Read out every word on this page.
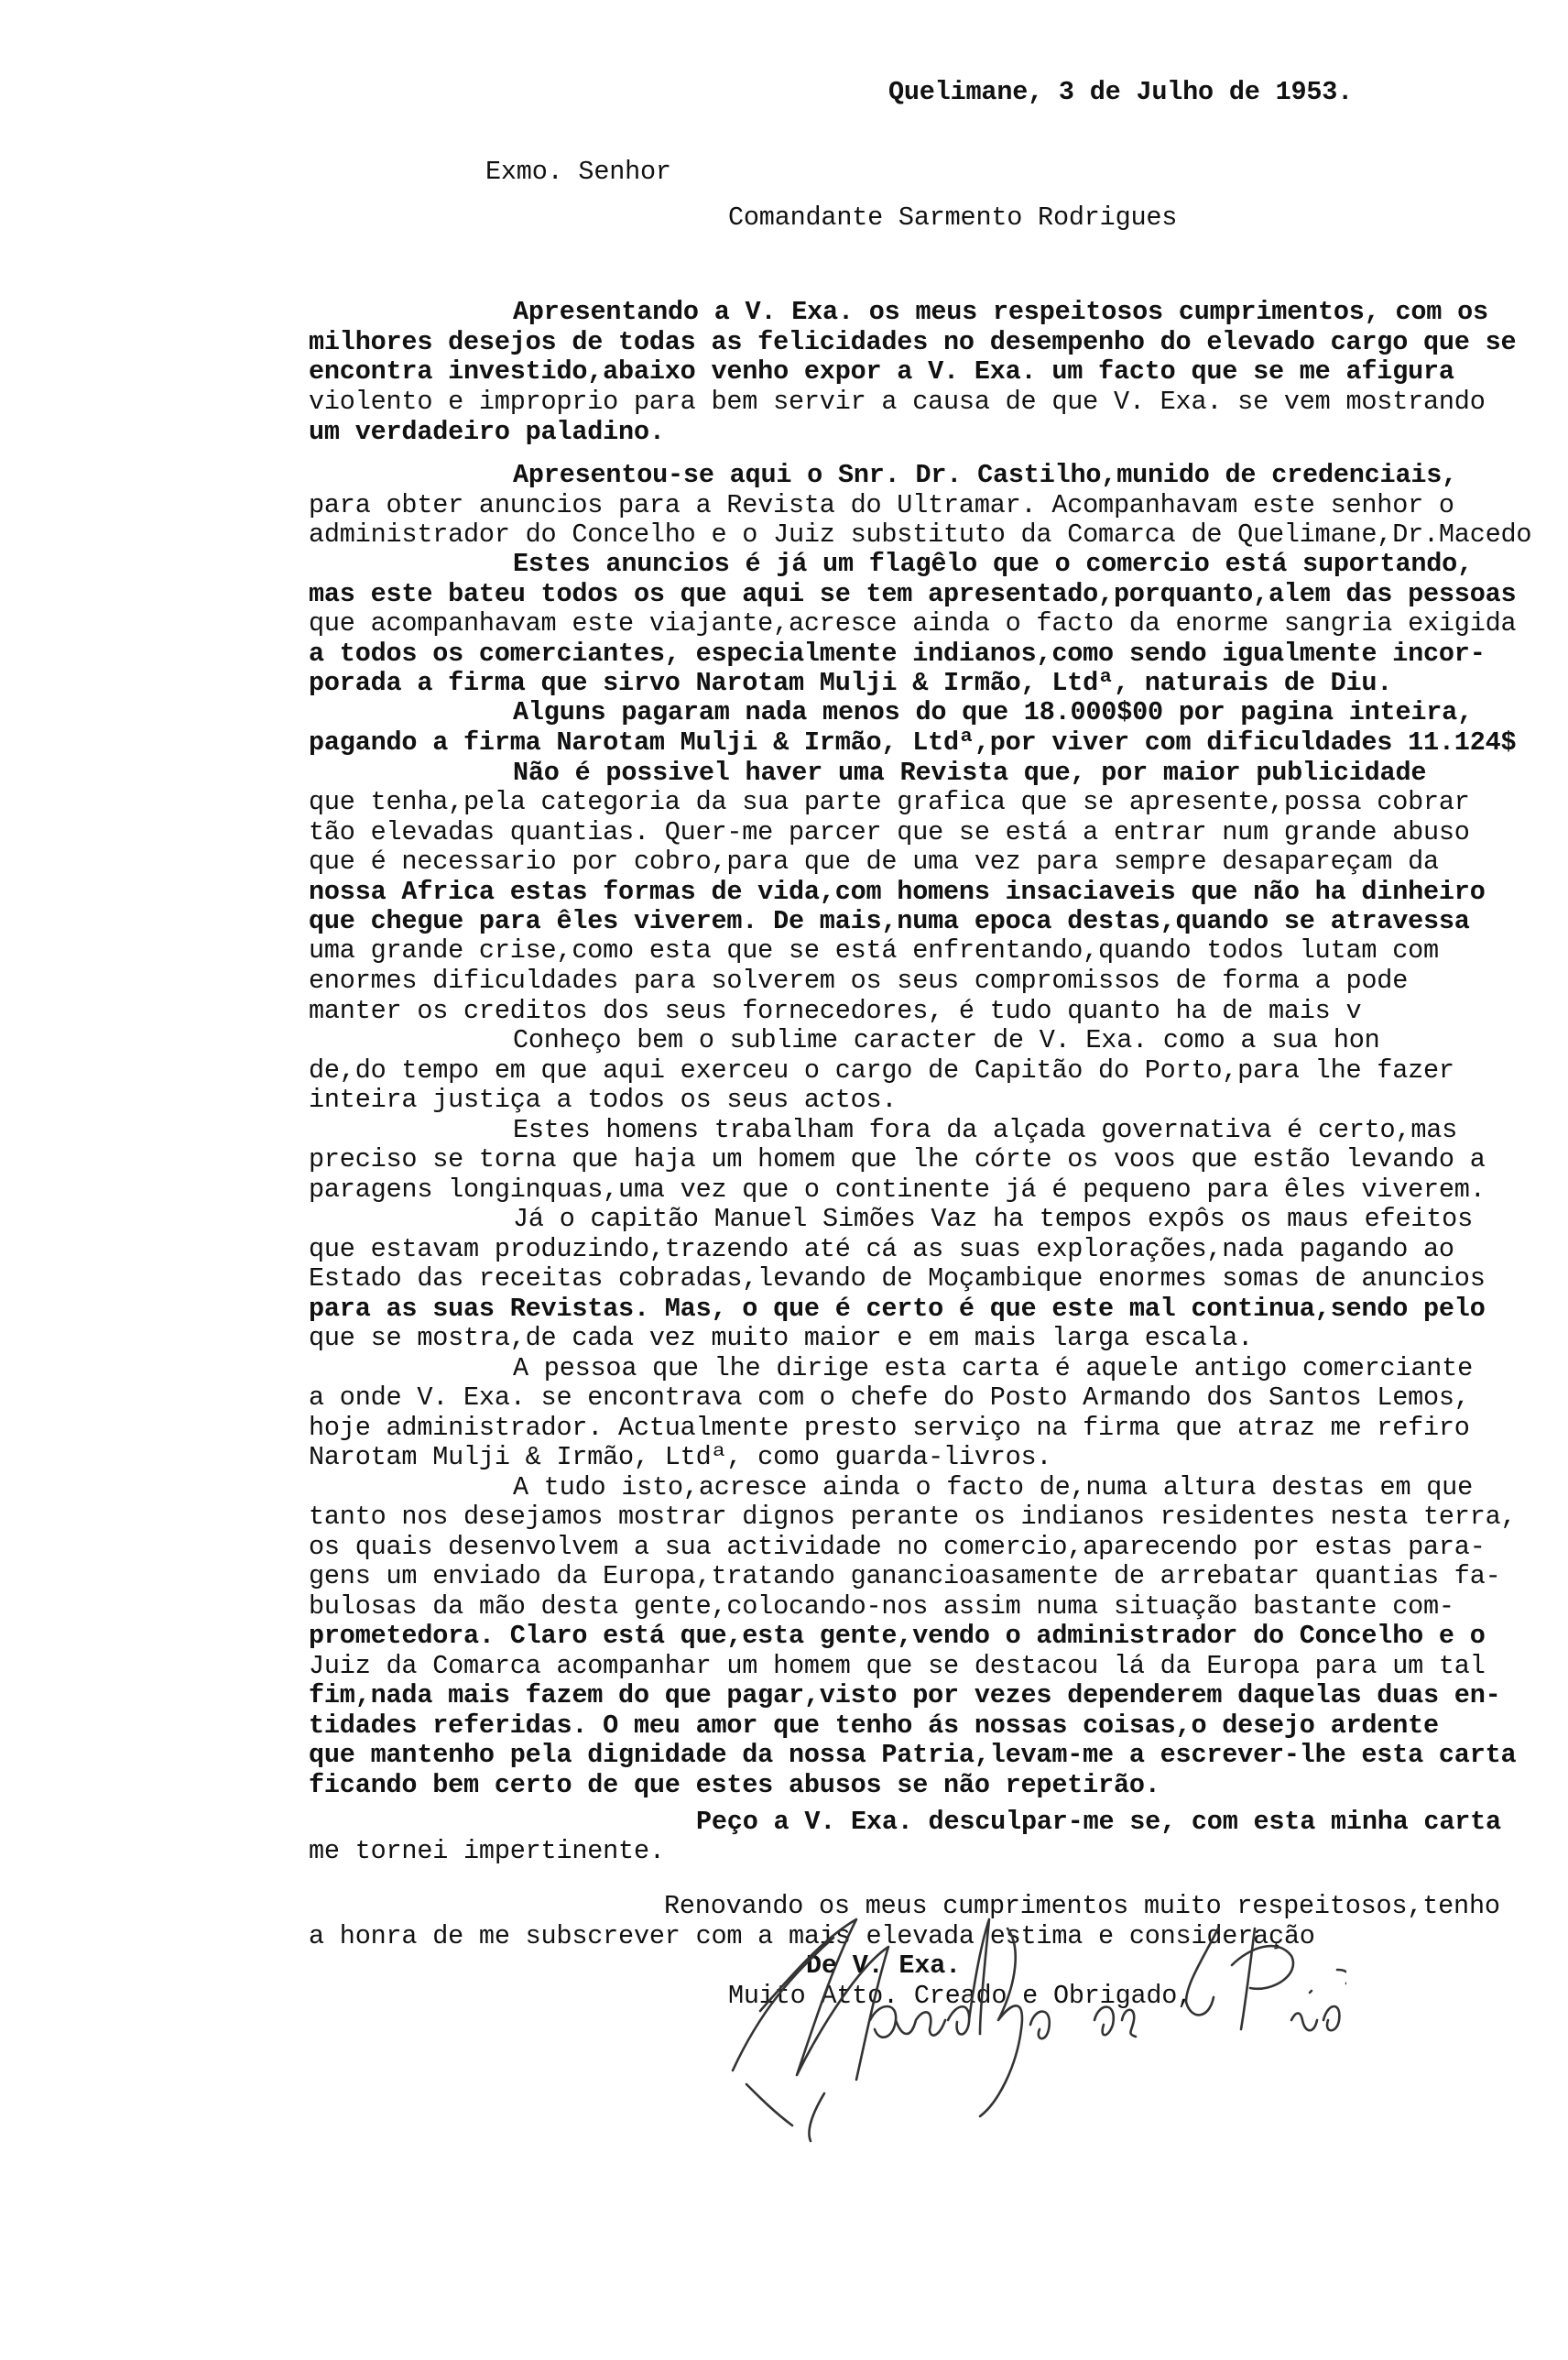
Quelimane, 3 de Julho de 1953.
Exmo. Senhor
Comandante Sarmento Rodrigues
Apresentando a V. Exa. os meus respeitosos cumprimentos, com os
milhores desejos de todas as felicidades no desempenho do elevado cargo que se
encontra investido,abaixo venho expor a V. Exa. um facto que se me afigura
violento e improprio para bem servir a causa de que V. Exa. se vem mostrando
um verdadeiro paladino.
Apresentou-se aqui o Snr. Dr. Castilho,munido de credenciais,
para obter anuncios para a Revista do Ultramar. Acompanhavam este senhor o
administrador do Concelho e o Juiz substituto da Comarca de Quelimane,Dr.Macedo
Estes anuncios é já um flagêlo que o comercio está suportando,
mas este bateu todos os que aqui se tem apresentado,porquanto,alem das pessoas
que acompanhavam este viajante,acresce ainda o facto da enorme sangria exigida
a todos os comerciantes, especialmente indianos,como sendo igualmente incor-
porada a firma que sirvo Narotam Mulji & Irmão, Ltdª, naturais de Diu.
Alguns pagaram nada menos do que 18.000$00 por pagina inteira,
pagando a firma Narotam Mulji & Irmão, Ltdª,por viver com dificuldades 11.124$
Não é possivel haver uma Revista que, por maior publicidade
que tenha,pela categoria da sua parte grafica que se apresente,possa cobrar
tão elevadas quantias. Quer-me parcer que se está a entrar num grande abuso
que é necessario por cobro,para que de uma vez para sempre desapareçam da
nossa Africa estas formas de vida,com homens insaciaveis que não ha dinheiro
que chegue para êles viverem. De mais,numa epoca destas,quando se atravessa
uma grande crise,como esta que se está enfrentando,quando todos lutam com
enormes dificuldades para solverem os seus compromissos de forma a pode
manter os creditos dos seus fornecedores, é tudo quanto ha de mais v
Conheço bem o sublime caracter de V. Exa. como a sua hon
de,do tempo em que aqui exerceu o cargo de Capitão do Porto,para lhe fazer
inteira justiça a todos os seus actos.
Estes homens trabalham fora da alçada governativa é certo,mas
preciso se torna que haja um homem que lhe córte os voos que estão levando a
paragens longinquas,uma vez que o continente já é pequeno para êles viverem.
Já o capitão Manuel Simões Vaz ha tempos expôs os maus efeitos
que estavam produzindo,trazendo até cá as suas explorações,nada pagando ao
Estado das receitas cobradas,levando de Moçambique enormes somas de anuncios
para as suas Revistas. Mas, o que é certo é que este mal continua,sendo pelo
que se mostra,de cada vez muito maior e em mais larga escala.
A pessoa que lhe dirige esta carta é aquele antigo comerciante
a onde V. Exa. se encontrava com o chefe do Posto Armando dos Santos Lemos,
hoje administrador. Actualmente presto serviço na firma que atraz me refiro
Narotam Mulji & Irmão, Ltdª, como guarda-livros.
A tudo isto,acresce ainda o facto de,numa altura destas em que
tanto nos desejamos mostrar dignos perante os indianos residentes nesta terra,
os quais desenvolvem a sua actividade no comercio,aparecendo por estas para-
gens um enviado da Europa,tratando ganancioasamente de arrebatar quantias fa-
bulosas da mão desta gente,colocando-nos assim numa situação bastante com-
prometedora. Claro está que,esta gente,vendo o administrador do Concelho e o
Juiz da Comarca acompanhar um homem que se destacou lá da Europa para um tal
fim,nada mais fazem do que pagar,visto por vezes dependerem daquelas duas en-
tidades referidas. O meu amor que tenho ás nossas coisas,o desejo ardente
que mantenho pela dignidade da nossa Patria,levam-me a escrever-lhe esta carta
ficando bem certo de que estes abusos se não repetirão.
Peço a V. Exa. desculpar-me se, com esta minha carta
me tornei impertinente.
Renovando os meus cumprimentos muito respeitosos,tenho
a honra de me subscrever com a mais elevada estima e consideração
De V. Exa.
Muito Atto. Creado e Obrigado,
